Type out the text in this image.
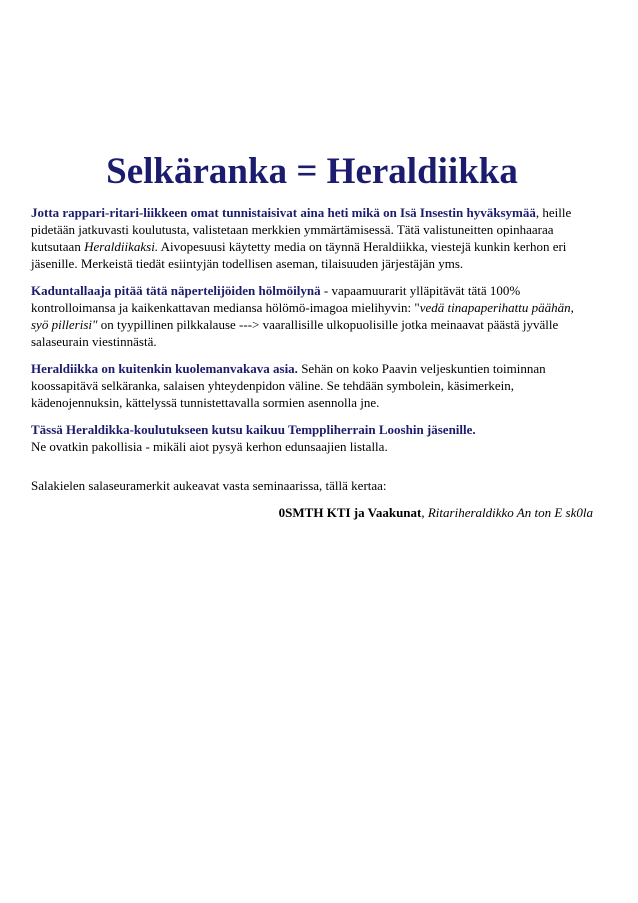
Selkäranka = Heraldiikka

Jotta rappari-ritari-liikkeen omat tunnistaisivat aina heti mikä on Isä Insestin hyväksymää, heille pidetään jatkuvasti koulutusta, valistetaan merkkien ymmärtämisessä. Tätä valistuneitten opinhaaraa kutsutaan Heraldiikaksi. Aivopesuusi käytetty media on täynnä Heraldiikka, viestejä kunkin kerhon eri jäsenille. Merkeistä tiedät esiintyjän todellisen aseman, tilaisuuden järjestäjän yms.

Kaduntallaaja pitää tätä näpertelijöiden hölmöilynä - vapaamuurarit ylläpitävät tätä 100% kontrolloimansa ja kaikenkattavan mediansa hölömö-imagoa mielihyvin: "vedä tinapaperihattu päähän, syö pillerisi" on tyypillinen pilkkalause ---> vaarallisille ulkopuolisille jotka meinaavat päästä jyvälle salaseurain viestinnästä.

Heraldiikka on kuitenkin kuolemanvakava asia. Sehän on koko Paavin veljeskuntien toiminnan koossapitävä selkäranka, salaisen yhteydenpidon väline. Se tehdään symbolein, käsimerkein, kädenojennuksin, kättelyssä tunnistettavalla sormien asennolla jne.

Tässä Heraldikka-koulutukseen kutsu kaikuu Temppliherrain Looshin jäsenille.
Ne ovatkin pakollisia - mikäli aiot pysyä kerhon edunsaajien listalla.

Salakielen salaseuramerkit aukeavat vasta seminaarissa, tällä kertaa:

0SMTH KTI ja Vaakunat, Ritariheraldikko An ton E sk0la
